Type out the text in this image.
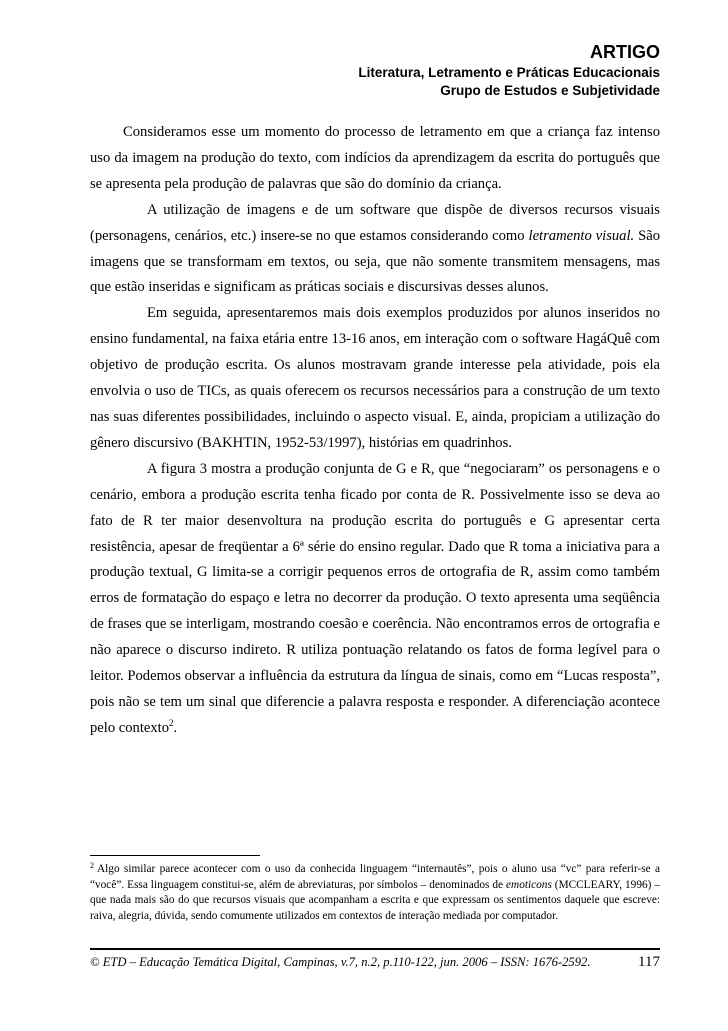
ARTIGO
Literatura, Letramento e Práticas Educacionais
Grupo de Estudos e Subjetividade

Consideramos esse um momento do processo de letramento em que a criança faz intenso uso da imagem na produção do texto, com indícios da aprendizagem da escrita do português que se apresenta pela produção de palavras que são do domínio da criança.

A utilização de imagens e de um software que dispõe de diversos recursos visuais (personagens, cenários, etc.) insere-se no que estamos considerando como letramento visual. São imagens que se transformam em textos, ou seja, que não somente transmitem mensagens, mas que estão inseridas e significam as práticas sociais e discursivas desses alunos.

Em seguida, apresentaremos mais dois exemplos produzidos por alunos inseridos no ensino fundamental, na faixa etária entre 13-16 anos, em interação com o software HagáQuê com objetivo de produção escrita. Os alunos mostravam grande interesse pela atividade, pois ela envolvia o uso de TICs, as quais oferecem os recursos necessários para a construção de um texto nas suas diferentes possibilidades, incluindo o aspecto visual. E, ainda, propiciam a utilização do gênero discursivo (BAKHTIN, 1952-53/1997), histórias em quadrinhos.

A figura 3 mostra a produção conjunta de G e R, que “negociaram” os personagens e o cenário, embora a produção escrita tenha ficado por conta de R. Possivelmente isso se deva ao fato de R ter maior desenvoltura na produção escrita do português e G apresentar certa resistência, apesar de freqüentar a 6ª série do ensino regular. Dado que R toma a iniciativa para a produção textual, G limita-se a corrigir pequenos erros de ortografia de R, assim como também erros de formatação do espaço e letra no decorrer da produção. O texto apresenta uma seqüência de frases que se interligam, mostrando coesão e coerência. Não encontramos erros de ortografia e não aparece o discurso indireto. R utiliza pontuação relatando os fatos de forma legível para o leitor. Podemos observar a influência da estrutura da língua de sinais, como em “Lucas resposta”, pois não se tem um sinal que diferencie a palavra resposta e responder. A diferenciação acontece pelo contexto$^2$.

$^2$ Algo similar parece acontecer com o uso da conhecida linguagem “internautês”, pois o aluno usa “vc” para referir-se a “você”. Essa linguagem constitui-se, além de abreviaturas, por símbolos – denominados de emoticons (MCCLEARY, 1996) – que nada mais são do que recursos visuais que acompanham a escrita e que expressam os sentimentos daquele que escreve: raiva, alegria, dúvida, sendo comumente utilizados em contextos de interação mediada por computador.
© ETD – Educação Temática Digital, Campinas, v.7, n.2, p.110-122, jun. 2006 – ISSN: 1676-2592.	117
